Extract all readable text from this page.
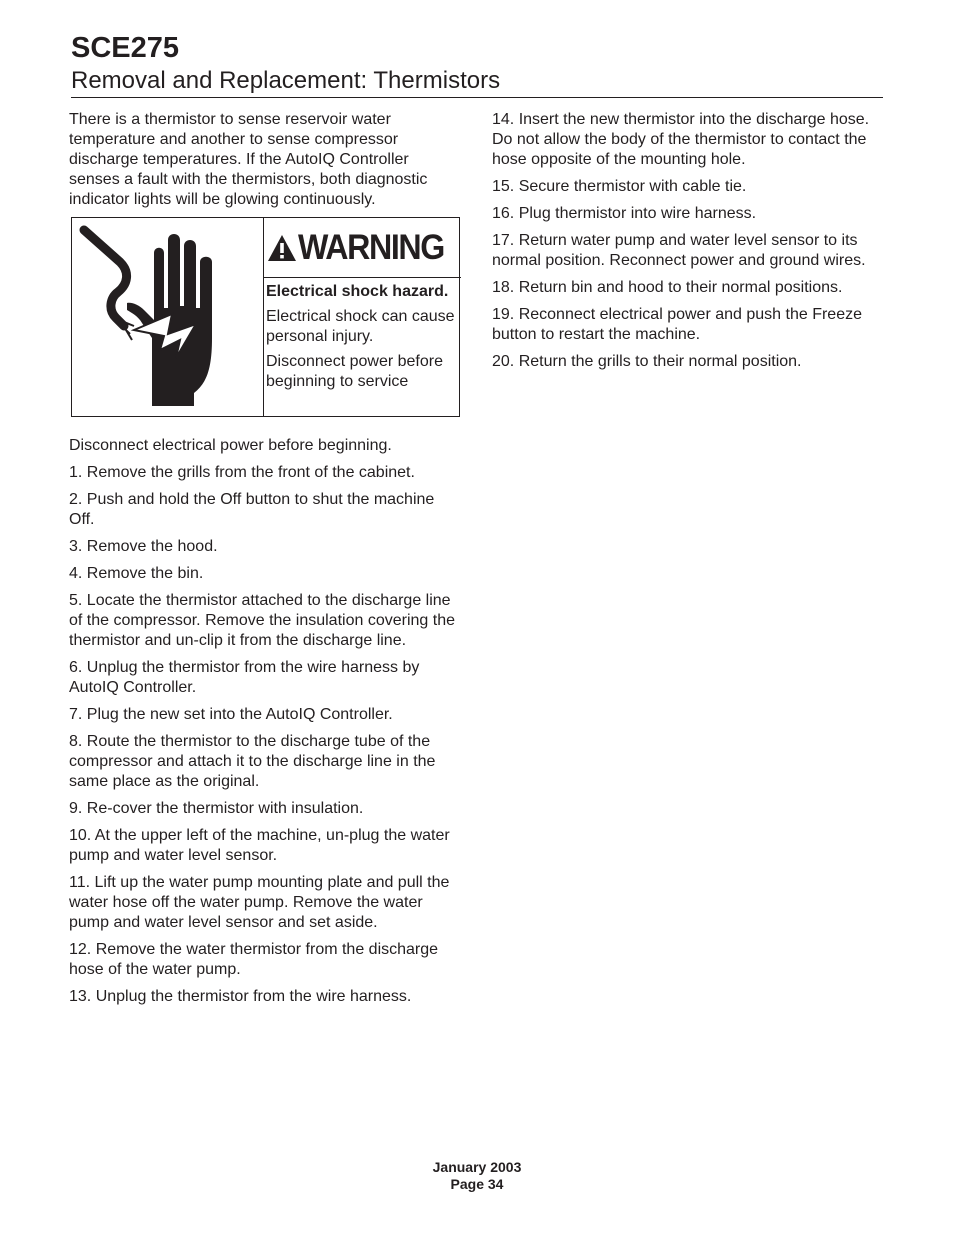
SCE275

Removal and Replacement: Thermistors

There is a thermistor to sense reservoir water temperature and another to sense compressor discharge temperatures. If the AutoIQ Controller senses a fault with the thermistors, both diagnostic indicator lights will be glowing continuously.

WARNING
Electrical shock hazard.
Electrical shock can cause personal injury.
Disconnect power before beginning to service

Disconnect electrical power before beginning.

1. Remove the grills from the front of the cabinet.

2. Push and hold the Off button to shut the machine Off.

3. Remove the hood.

4. Remove the bin.

5. Locate the thermistor attached to the discharge line of the compressor. Remove the insulation covering the thermistor and un-clip it from the discharge line.

6. Unplug the thermistor from the wire harness by AutoIQ Controller.

7. Plug the new set into the AutoIQ Controller.

8. Route the thermistor to the discharge tube of the compressor and attach it to the discharge line in the same place as the original.

9. Re-cover the thermistor with insulation.

10. At the upper left of the machine, un-plug the water pump and water level sensor.

11. Lift up the water pump mounting plate and pull the water hose off the water pump. Remove the water pump and water level sensor and set aside.

12. Remove the water thermistor from the discharge hose of the water pump.

13. Unplug the thermistor from the wire harness.

14. Insert the new thermistor into the discharge hose. Do not allow the body of the thermistor to contact the hose opposite of the mounting hole.

15. Secure thermistor with cable tie.

16. Plug thermistor into wire harness.

17. Return water pump and water level sensor to its normal position. Reconnect power and ground wires.

18. Return bin and hood to their normal positions.

19. Reconnect electrical power and push the Freeze button to restart the machine.

20. Return the grills to their normal position.

January 2003
Page 34
